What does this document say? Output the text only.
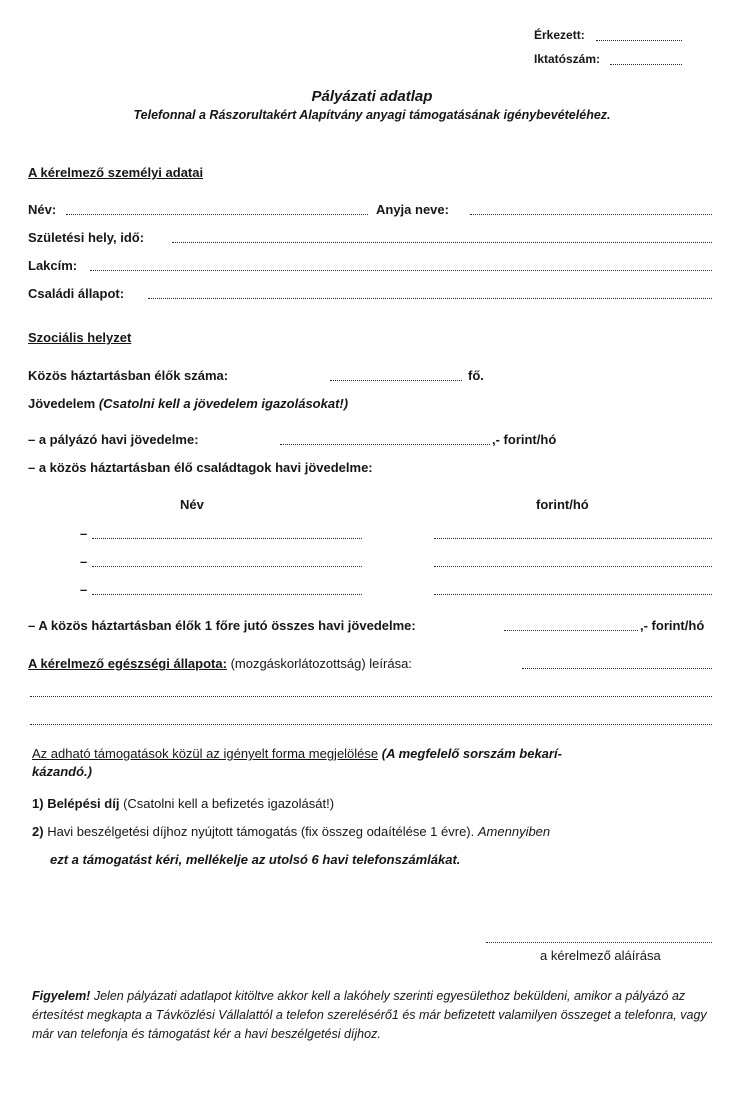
Érkezett:
Iktatószám:
Pályázati adatlap
Telefonnal a Rászorultakért Alapítvány anyagi támogatásának igénybevételéhez.
A kérelmező személyi adatai
Név:	Anyja neve:
Születési hely, idő:
Lakcím:
Családi állapot:
Szociális helyzet
Közös háztartásban élők száma:	fő.
Jövedelem (Csatolni kell a jövedelem igazolásokat!)
– a pályázó havi jövedelme:	,- forint/hó
– a közös háztartásban élő családtagok havi jövedelme:
Név	forint/hó
–
–
–
– A közös háztartásban élők 1 főre jutó összes havi jövedelme:	,- forint/hó
A kérelmező egészségi állapota: (mozgáskorlátozottság) leírása:
Az adható támogatások közül az igényelt forma megjelölése (A megfelelő sorszám bekarí-
kázandó.)
1) Belépési díj (Csatolni kell a befizetés igazolását!)
2) Havi beszélgetési díjhoz nyújtott támogatás (fix összeg odaítélése 1 évre). Amennyiben
ezt a támogatást kéri, mellékelje az utolsó 6 havi telefonszámlákat.
a kérelmező aláírása
Figyelem! Jelen pályázati adatlapot kitöltve akkor kell a lakóhely szerinti egyesülethoz beküldeni, amikor a pályázó az értesítést megkapta a Távközlési Vállalattól a telefon szerelésérő1 és már befizetett valamilyen összeget a telefonra, vagy már van telefonja és támogatást kér a havi beszélgetési díjhoz.
